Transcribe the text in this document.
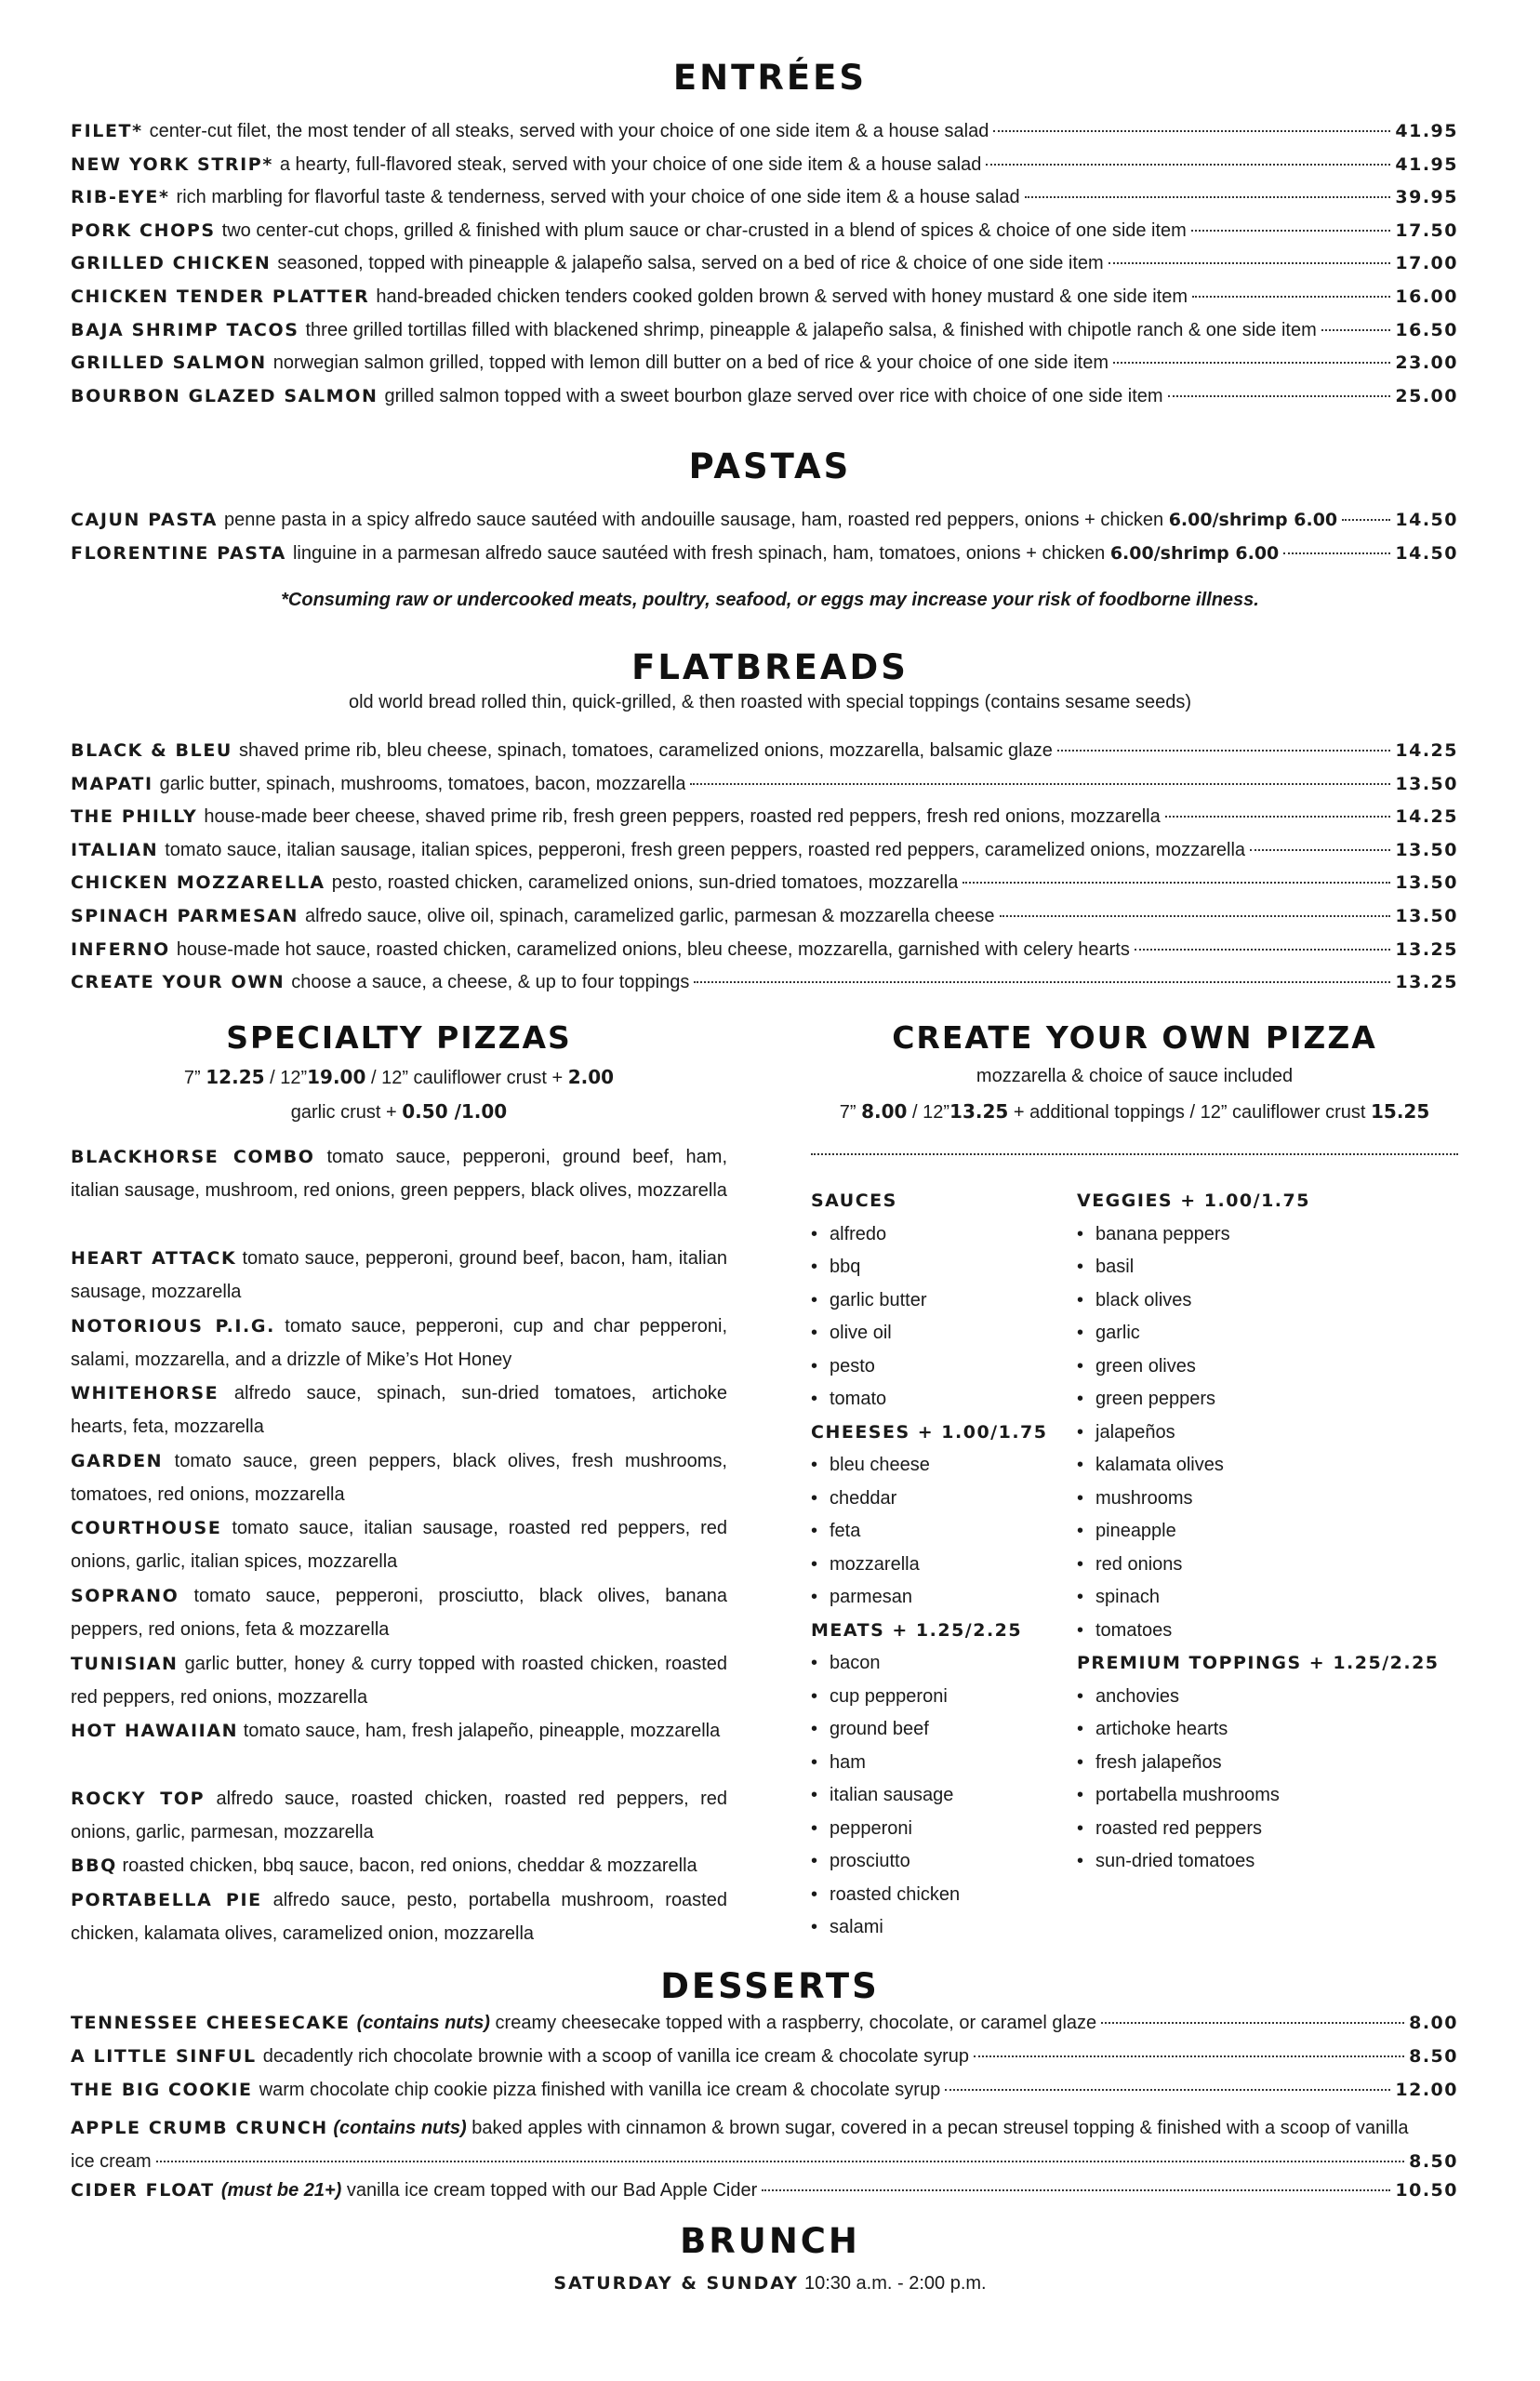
ENTRÉES
FILET* center-cut filet, the most tender of all steaks, served with your choice of one side item & a house salad	41.95
NEW YORK STRIP* a hearty, full-flavored steak, served with your choice of one side item & a house salad	41.95
RIB-EYE* rich marbling for flavorful taste & tenderness, served with your choice of one side item & a house salad	39.95
PORK CHOPS two center-cut chops, grilled & finished with plum sauce or char-crusted in a blend of spices & choice of one side item	17.50
GRILLED CHICKEN seasoned, topped with pineapple & jalapeño salsa, served on a bed of rice & choice of one side item	17.00
CHICKEN TENDER PLATTER hand-breaded chicken tenders cooked golden brown & served with honey mustard & one side item	16.00
BAJA SHRIMP TACOS three grilled tortillas filled with blackened shrimp, pineapple & jalapeño salsa, & finished with chipotle ranch & one side item	16.50
GRILLED SALMON norwegian salmon grilled, topped with lemon dill butter on a bed of rice & your choice of one side item	23.00
BOURBON GLAZED SALMON grilled salmon topped with a sweet bourbon glaze served over rice with choice of one side item	25.00
PASTAS
CAJUN PASTA penne pasta in a spicy alfredo sauce sautéed with andouille sausage, ham, roasted red peppers, onions + chicken 6.00/shrimp 6.00	14.50
FLORENTINE PASTA linguine in a parmesan alfredo sauce sautéed with fresh spinach, ham, tomatoes, onions + chicken 6.00/shrimp 6.00	14.50
*Consuming raw or undercooked meats, poultry, seafood, or eggs may increase your risk of foodborne illness.
FLATBREADS
old world bread rolled thin, quick-grilled, & then roasted with special toppings (contains sesame seeds)
BLACK & BLEU shaved prime rib, bleu cheese, spinach, tomatoes, caramelized onions, mozzarella, balsamic glaze	14.25
MAPATI garlic butter, spinach, mushrooms, tomatoes, bacon, mozzarella	13.50
THE PHILLY house-made beer cheese, shaved prime rib, fresh green peppers, roasted red peppers, fresh red onions, mozzarella	14.25
ITALIAN tomato sauce, italian sausage, italian spices, pepperoni, fresh green peppers, roasted red peppers, caramelized onions, mozzarella	13.50
CHICKEN MOZZARELLA pesto, roasted chicken, caramelized onions, sun-dried tomatoes, mozzarella	13.50
SPINACH PARMESAN alfredo sauce, olive oil, spinach, caramelized garlic, parmesan & mozzarella cheese	13.50
INFERNO house-made hot sauce, roasted chicken, caramelized onions, bleu cheese, mozzarella, garnished with celery hearts	13.25
CREATE YOUR OWN choose a sauce, a cheese, & up to four toppings	13.25
SPECIALTY PIZZAS
7” 12.25 / 12”19.00 / 12” cauliflower crust + 2.00
garlic crust + 0.50 /1.00
BLACKHORSE COMBO tomato sauce, pepperoni, ground beef, ham, italian sausage, mushroom, red onions, green peppers, black olives, mozzarella
HEART ATTACK tomato sauce, pepperoni, ground beef, bacon, ham, italian sausage, mozzarella
NOTORIOUS P.I.G. tomato sauce, pepperoni, cup and char pepperoni, salami, mozzarella, and a drizzle of Mike’s Hot Honey
WHITEHORSE alfredo sauce, spinach, sun-dried tomatoes, artichoke hearts, feta, mozzarella
GARDEN tomato sauce, green peppers, black olives, fresh mushrooms, tomatoes, red onions, mozzarella
COURTHOUSE tomato sauce, italian sausage, roasted red peppers, red onions, garlic, italian spices, mozzarella
SOPRANO tomato sauce, pepperoni, prosciutto, black olives, banana peppers, red onions, feta & mozzarella
TUNISIAN garlic butter, honey & curry topped with roasted chicken, roasted red peppers, red onions, mozzarella
HOT HAWAIIAN tomato sauce, ham, fresh jalapeño, pineapple, mozzarella
ROCKY TOP alfredo sauce, roasted chicken, roasted red peppers, red onions, garlic, parmesan, mozzarella
BBQ roasted chicken, bbq sauce, bacon, red onions, cheddar & mozzarella
PORTABELLA PIE alfredo sauce, pesto, portabella mushroom, roasted chicken, kalamata olives, caramelized onion, mozzarella
CREATE YOUR OWN PIZZA
mozzarella & choice of sauce included
7” 8.00 / 12”13.25 + additional toppings / 12” cauliflower crust 15.25
SAUCES
• alfredo
• bbq
• garlic butter
• olive oil
• pesto
• tomato
CHEESES + 1.00/1.75
• bleu cheese
• cheddar
• feta
• mozzarella
• parmesan
MEATS + 1.25/2.25
• bacon
• cup pepperoni
• ground beef
• ham
• italian sausage
• pepperoni
• prosciutto
• roasted chicken
• salami
VEGGIES + 1.00/1.75
• banana peppers
• basil
• black olives
• garlic
• green olives
• green peppers
• jalapeños
• kalamata olives
• mushrooms
• pineapple
• red onions
• spinach
• tomatoes
PREMIUM TOPPINGS + 1.25/2.25
• anchovies
• artichoke hearts
• fresh jalapeños
• portabella mushrooms
• roasted red peppers
• sun-dried tomatoes
DESSERTS
TENNESSEE CHEESECAKE (contains nuts) creamy cheesecake topped with a raspberry, chocolate, or caramel glaze	8.00
A LITTLE SINFUL decadently rich chocolate brownie with a scoop of vanilla ice cream & chocolate syrup	8.50
THE BIG COOKIE warm chocolate chip cookie pizza finished with vanilla ice cream & chocolate syrup	12.00
APPLE CRUMB CRUNCH (contains nuts) baked apples with cinnamon & brown sugar, covered in a pecan streusel topping & finished with a scoop of vanilla
ice cream	8.50
CIDER FLOAT (must be 21+) vanilla ice cream topped with our Bad Apple Cider	10.50
BRUNCH
SATURDAY & SUNDAY 10:30 a.m. - 2:00 p.m.
